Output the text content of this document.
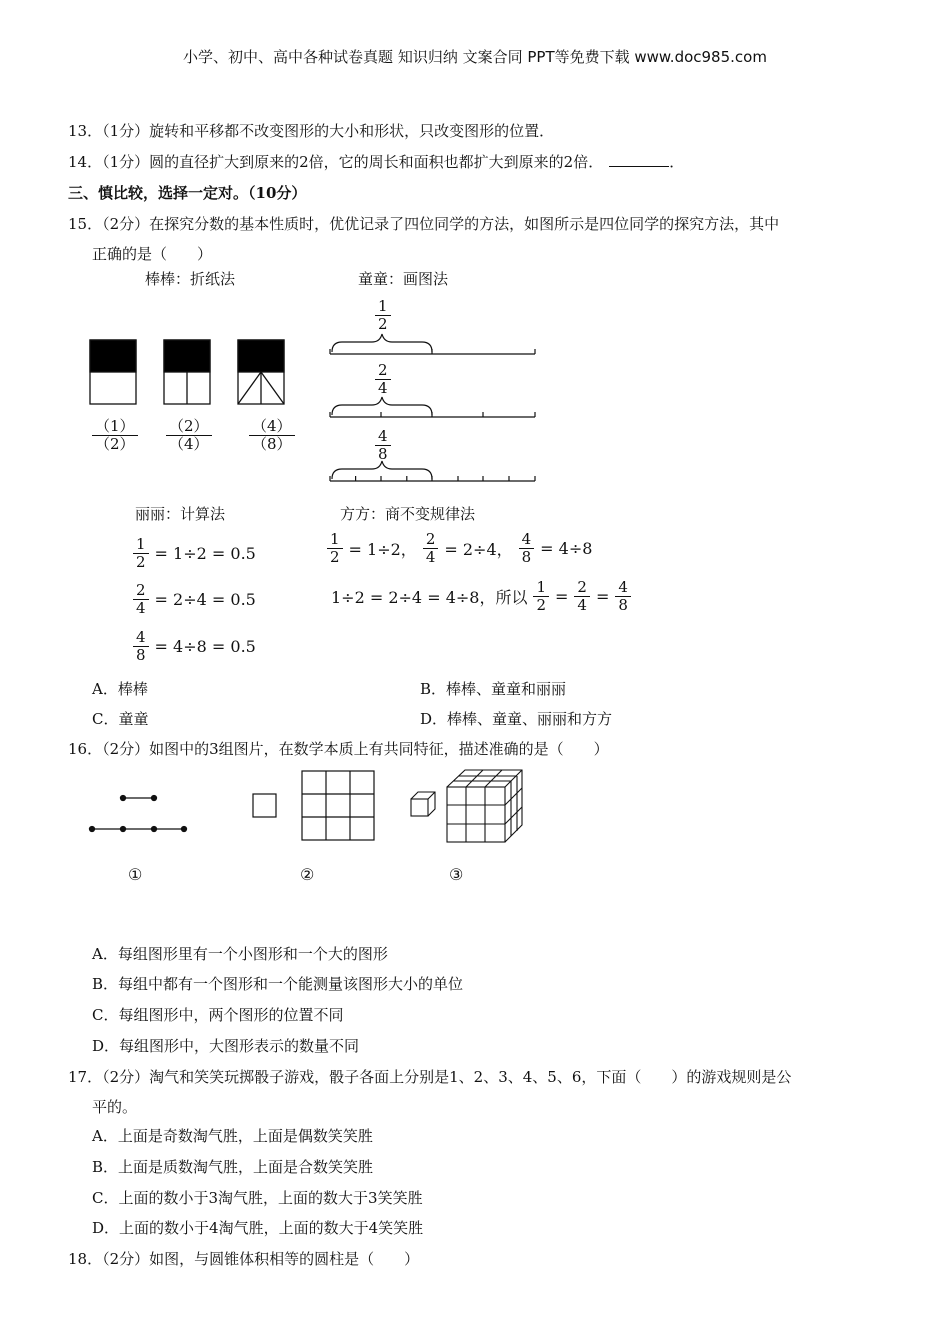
小学、初中、高中各种试卷真题 知识归纳 文案合同 PPT等免费下载 www.doc985.com
13．（1分）旋转和平移都不改变图形的大小和形状，只改变图形的位置．
14．（1分）圆的直径扩大到原来的2倍，它的周长和面积也都扩大到原来的2倍．	．
三、慎比较，选择一定对。（10分）
15．（2分）在探究分数的基本性质时，优优记录了四位同学的方法，如图所示是四位同学的探究方法，其中
正确的是（　　）
棒棒：折纸法	童童：画图法
$\frac{(1)}{(2)} \frac{(2)}{(4)} \frac{(4)}{(8)}$
$\frac{1}{2}$
$\frac{2}{4}$
$\frac{4}{8}$
丽丽：计算法	方方：商不变规律法
$\frac{1}{2} = 1\div 2 = 0.5$
$\frac{2}{4} = 2\div 4 = 0.5$
$\frac{4}{8} = 4\div 8 = 0.5$
$\frac{1}{2} = 1\div 2$， $\frac{2}{4} = 2\div 4$， $\frac{4}{8} = 4\div 8$
1÷2 = 2÷4 = 4÷8，所以 $\frac{1}{2} = \frac{2}{4} = \frac{4}{8}$
A．棒棒	B．棒棒、童童和丽丽
C．童童	D．棒棒、童童、丽丽和方方
16．（2分）如图中的3组图片，在数学本质上有共同特征，描述准确的是（　　）
①	②	③
A．每组图形里有一个小图形和一个大的图形
B．每组中都有一个图形和一个能测量该图形大小的单位
C．每组图形中，两个图形的位置不同
D．每组图形中，大图形表示的数量不同
17．（2分）淘气和笑笑玩掷骰子游戏，骰子各面上分别是1、2、3、4、5、6，下面（　　）的游戏规则是公
平的。
A．上面是奇数淘气胜，上面是偶数笑笑胜
B．上面是质数淘气胜，上面是合数笑笑胜
C．上面的数小于3淘气胜，上面的数大于3笑笑胜
D．上面的数小于4淘气胜，上面的数大于4笑笑胜
18．（2分）如图，与圆锥体积相等的圆柱是（　　）
